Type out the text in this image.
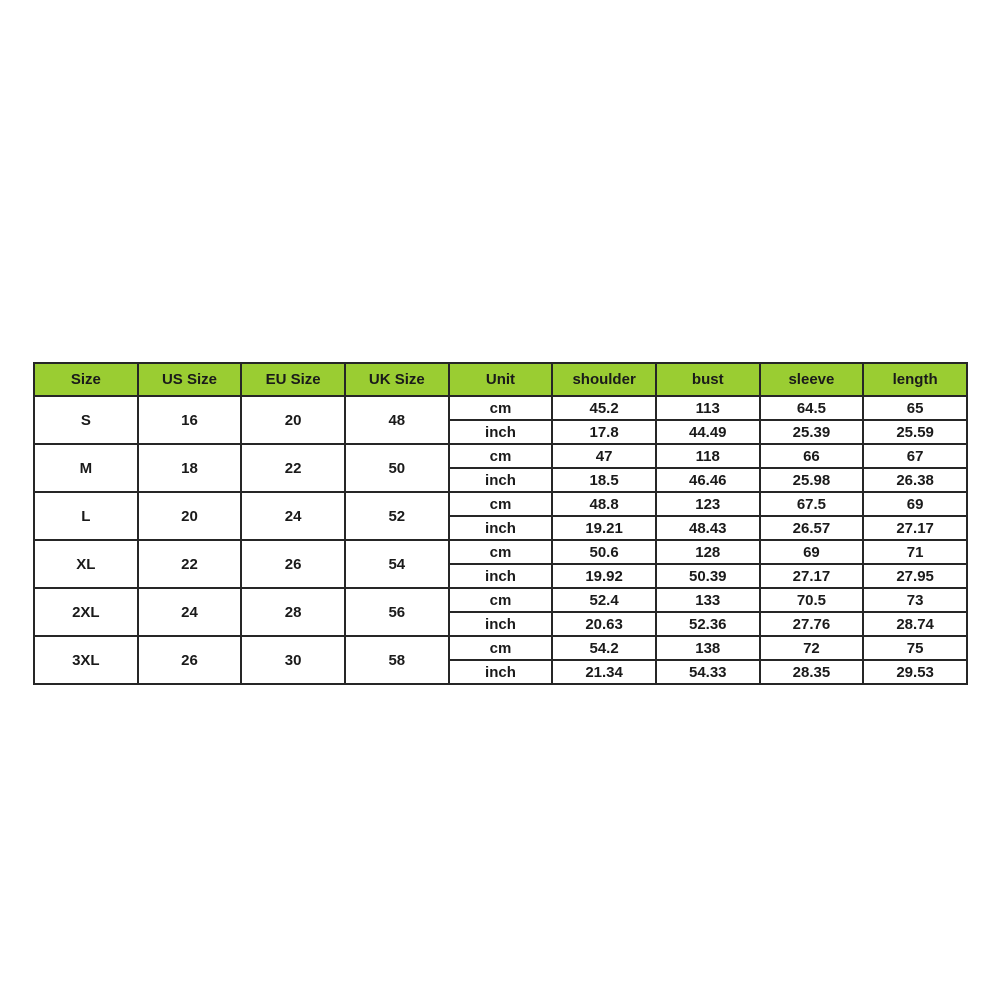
Size	US Size	EU Size	UK Size	Unit	shoulder	bust	sleeve	length
S	16	20	48	cm	45.2	113	64.5	65
				inch	17.8	44.49	25.39	25.59
M	18	22	50	cm	47	118	66	67
				inch	18.5	46.46	25.98	26.38
L	20	24	52	cm	48.8	123	67.5	69
				inch	19.21	48.43	26.57	27.17
XL	22	26	54	cm	50.6	128	69	71
				inch	19.92	50.39	27.17	27.95
2XL	24	28	56	cm	52.4	133	70.5	73
				inch	20.63	52.36	27.76	28.74
3XL	26	30	58	cm	54.2	138	72	75
				inch	21.34	54.33	28.35	29.53
